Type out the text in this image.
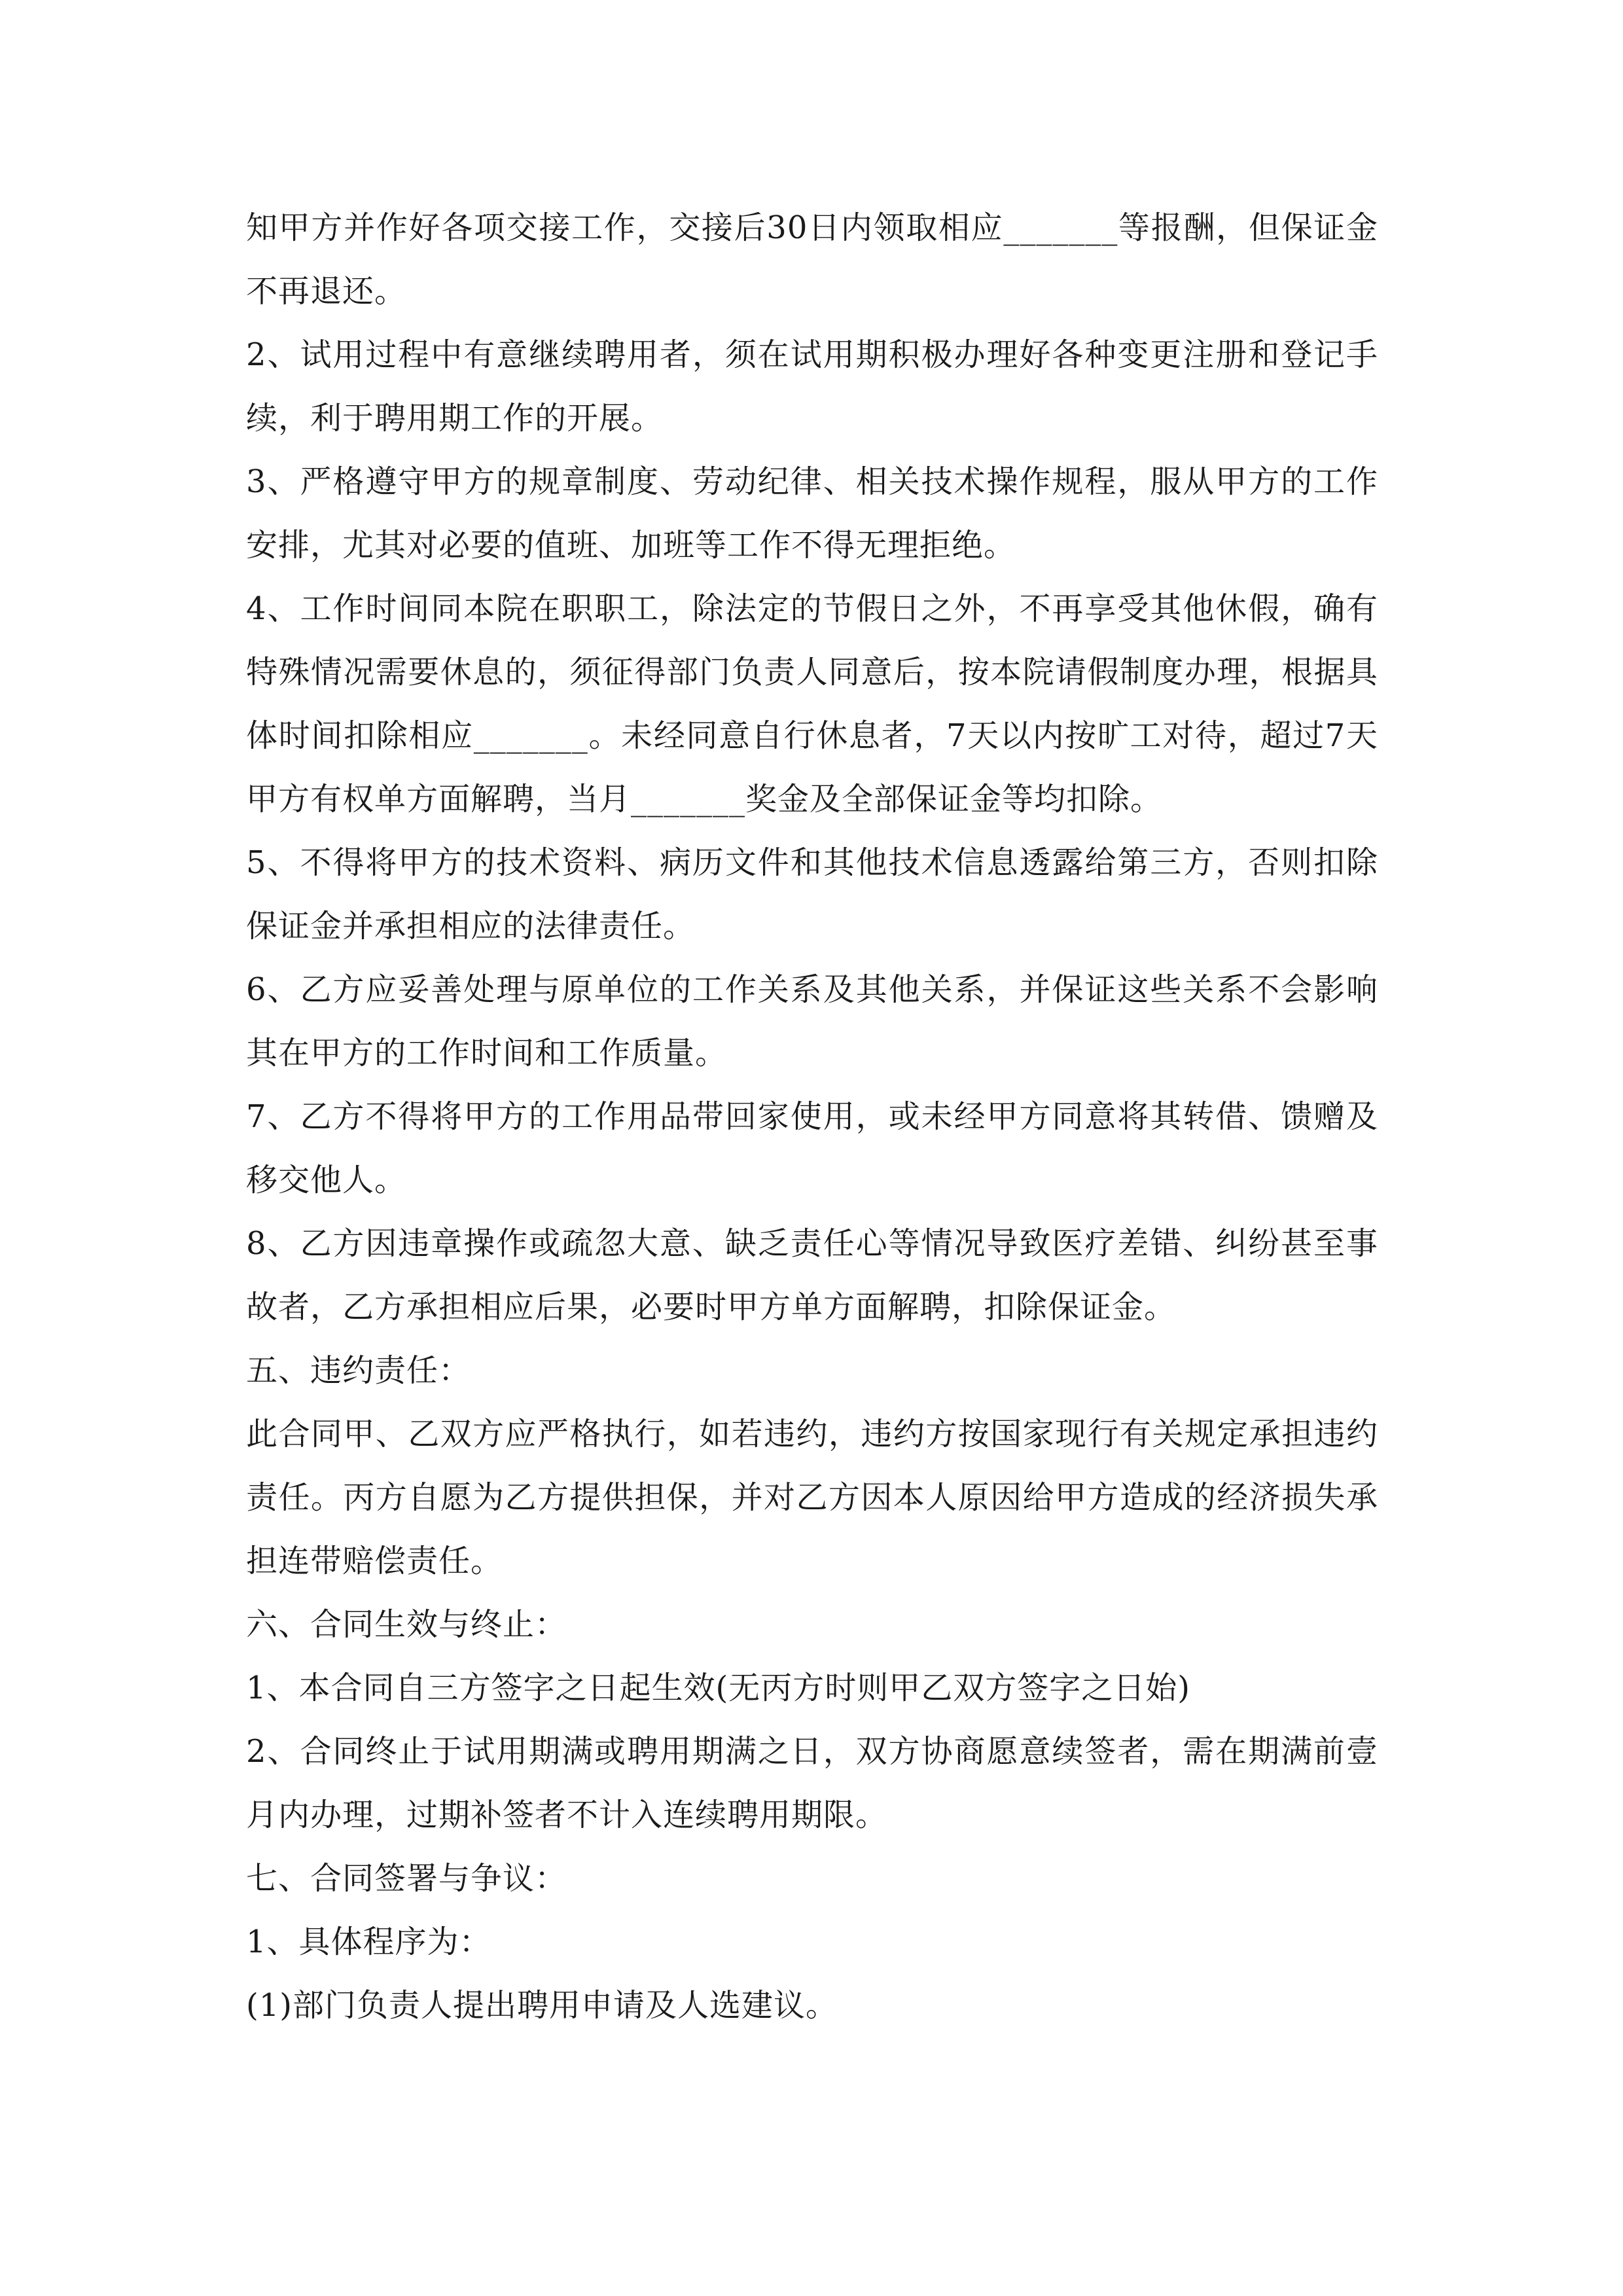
知甲方并作好各项交接工作，交接后30日内领取相应_______等报酬，但保证金不再退还。

2、试用过程中有意继续聘用者，须在试用期积极办理好各种变更注册和登记手续，利于聘用期工作的开展。

3、严格遵守甲方的规章制度、劳动纪律、相关技术操作规程，服从甲方的工作安排，尤其对必要的值班、加班等工作不得无理拒绝。

4、工作时间同本院在职职工，除法定的节假日之外，不再享受其他休假，确有特殊情况需要休息的，须征得部门负责人同意后，按本院请假制度办理，根据具体时间扣除相应_______。未经同意自行休息者，7天以内按旷工对待，超过7天甲方有权单方面解聘，当月_______奖金及全部保证金等均扣除。

5、不得将甲方的技术资料、病历文件和其他技术信息透露给第三方，否则扣除保证金并承担相应的法律责任。

6、乙方应妥善处理与原单位的工作关系及其他关系，并保证这些关系不会影响其在甲方的工作时间和工作质量。

7、乙方不得将甲方的工作用品带回家使用，或未经甲方同意将其转借、馈赠及移交他人。

8、乙方因违章操作或疏忽大意、缺乏责任心等情况导致医疗差错、纠纷甚至事故者，乙方承担相应后果，必要时甲方单方面解聘，扣除保证金。

五、违约责任：

此合同甲、乙双方应严格执行，如若违约，违约方按国家现行有关规定承担违约责任。丙方自愿为乙方提供担保，并对乙方因本人原因给甲方造成的经济损失承担连带赔偿责任。

六、合同生效与终止：

1、本合同自三方签字之日起生效(无丙方时则甲乙双方签字之日始)

2、合同终止于试用期满或聘用期满之日，双方协商愿意续签者，需在期满前壹月内办理，过期补签者不计入连续聘用期限。

七、合同签署与争议：

1、具体程序为：

(1)部门负责人提出聘用申请及人选建议。
